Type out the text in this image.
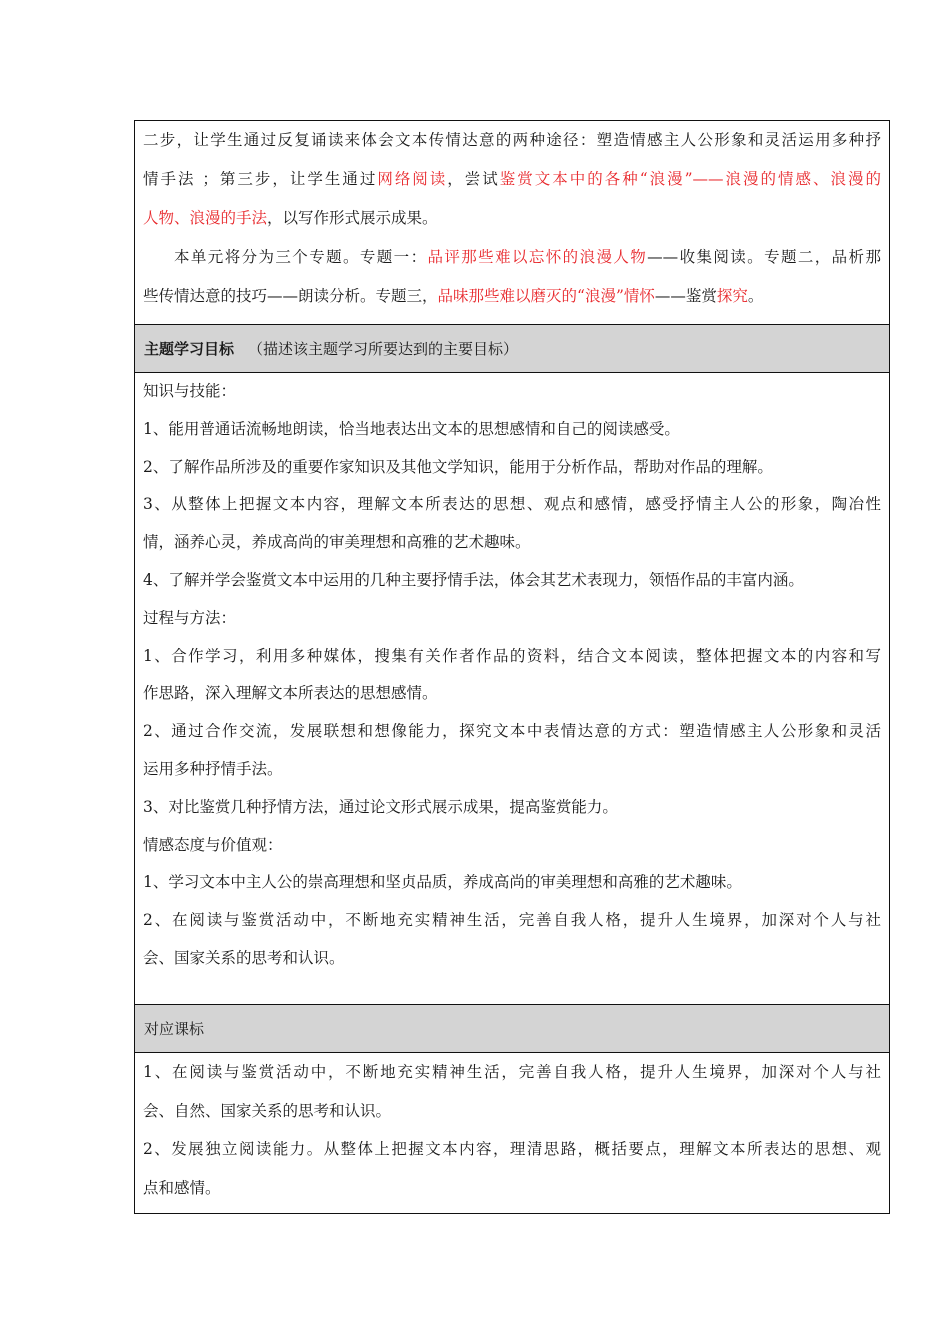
二步，让学生通过反复诵读来体会文本传情达意的两种途径：塑造情感主人公形象和灵活运用多种抒
情手法 ；第三步，让学生通过网络阅读，尝试鉴赏文本中的各种“浪漫”——浪漫的情感、浪漫的
人物、浪漫的手法，以写作形式展示成果。
本单元将分为三个专题。专题一：品评那些难以忘怀的浪漫人物——收集阅读。专题二，品析那
些传情达意的技巧——朗读分析。专题三，品味那些难以磨灭的“浪漫”情怀——鉴赏探究。
主题学习目标 （描述该主题学习所要达到的主要目标）
知识与技能：
1、能用普通话流畅地朗读，恰当地表达出文本的思想感情和自己的阅读感受。
2、了解作品所涉及的重要作家知识及其他文学知识，能用于分析作品，帮助对作品的理解。
3、从整体上把握文本内容，理解文本所表达的思想、观点和感情，感受抒情主人公的形象，陶冶性
情，涵养心灵，养成高尚的审美理想和高雅的艺术趣味。
4、了解并学会鉴赏文本中运用的几种主要抒情手法，体会其艺术表现力，领悟作品的丰富内涵。
过程与方法：
1、合作学习，利用多种媒体，搜集有关作者作品的资料，结合文本阅读，整体把握文本的内容和写
作思路，深入理解文本所表达的思想感情。
2、通过合作交流，发展联想和想像能力，探究文本中表情达意的方式：塑造情感主人公形象和灵活
运用多种抒情手法。
3、对比鉴赏几种抒情方法，通过论文形式展示成果，提高鉴赏能力。
情感态度与价值观：
1、学习文本中主人公的崇高理想和坚贞品质，养成高尚的审美理想和高雅的艺术趣味。
2、在阅读与鉴赏活动中，不断地充实精神生活，完善自我人格，提升人生境界，加深对个人与社
会、国家关系的思考和认识。
对应课标
1、在阅读与鉴赏活动中，不断地充实精神生活，完善自我人格，提升人生境界，加深对个人与社
会、自然、国家关系的思考和认识。
2、发展独立阅读能力。从整体上把握文本内容，理清思路，概括要点，理解文本所表达的思想、观
点和感情。
